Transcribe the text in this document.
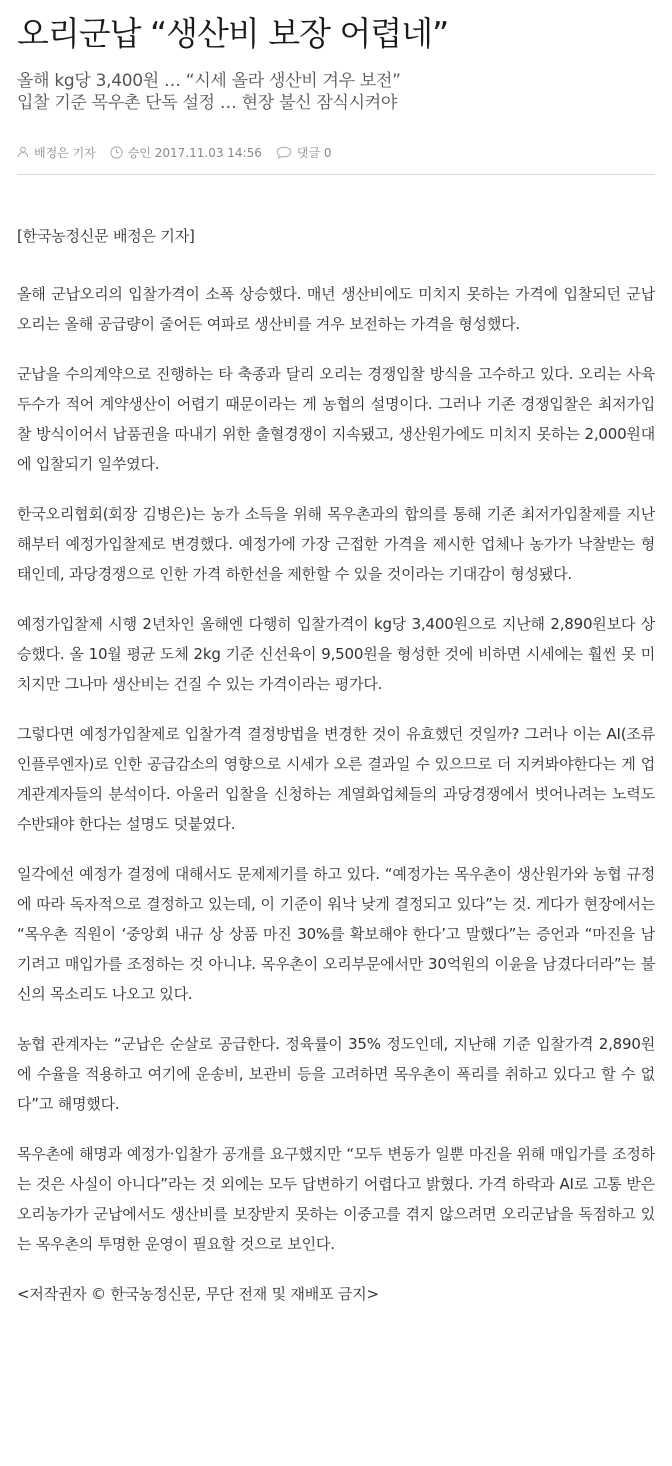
오리군납 “생산비 보장 어렵네”
올해 kg당 3,400원 … “시세 올라 생산비 겨우 보전”
입찰 기준 목우촌 단독 설정 … 현장 불신 잠식시켜야
배정은 기자	승인 2017.11.03 14:56	댓글 0
[한국농정신문 배정은 기자]

올해 군납오리의 입찰가격이 소폭 상승했다. 매년 생산비에도 미치지 못하는 가격에 입찰되던 군납오리는 올해 공급량이 줄어든 여파로 생산비를 겨우 보전하는 가격을 형성했다.

군납을 수의계약으로 진행하는 타 축종과 달리 오리는 경쟁입찰 방식을 고수하고 있다. 오리는 사육두수가 적어 계약생산이 어렵기 때문이라는 게 농협의 설명이다. 그러나 기존 경쟁입찰은 최저가입찰 방식이어서 납품권을 따내기 위한 출혈경쟁이 지속됐고, 생산원가에도 미치지 못하는 2,000원대에 입찰되기 일쑤였다.

한국오리협회(회장 김병은)는 농가 소득을 위해 목우촌과의 합의를 통해 기존 최저가입찰제를 지난해부터 예정가입찰제로 변경했다. 예정가에 가장 근접한 가격을 제시한 업체나 농가가 낙찰받는 형태인데, 과당경쟁으로 인한 가격 하한선을 제한할 수 있을 것이라는 기대감이 형성됐다.

예정가입찰제 시행 2년차인 올해엔 다행히 입찰가격이 kg당 3,400원으로 지난해 2,890원보다 상승했다. 올 10월 평균 도체 2kg 기준 신선육이 9,500원을 형성한 것에 비하면 시세에는 훨씬 못 미치지만 그나마 생산비는 건질 수 있는 가격이라는 평가다.

그렇다면 예정가입찰제로 입찰가격 결정방법을 변경한 것이 유효했던 것일까? 그러나 이는 AI(조류인플루엔자)로 인한 공급감소의 영향으로 시세가 오른 결과일 수 있으므로 더 지켜봐야한다는 게 업계관계자들의 분석이다. 아울러 입찰을 신청하는 계열화업체들의 과당경쟁에서 벗어나려는 노력도 수반돼야 한다는 설명도 덧붙였다.

일각에선 예정가 결정에 대해서도 문제제기를 하고 있다. “예정가는 목우촌이 생산원가와 농협 규정에 따라 독자적으로 결정하고 있는데, 이 기준이 워낙 낮게 결정되고 있다”는 것. 게다가 현장에서는 “목우촌 직원이 ‘중앙회 내규 상 상품 마진 30%를 확보해야 한다’고 말했다”는 증언과 “마진을 남기려고 매입가를 조정하는 것 아니냐. 목우촌이 오리부문에서만 30억원의 이윤을 남겼다더라”는 불신의 목소리도 나오고 있다.

농협 관계자는 “군납은 순살로 공급한다. 정육률이 35% 정도인데, 지난해 기준 입찰가격 2,890원에 수율을 적용하고 여기에 운송비, 보관비 등을 고려하면 목우촌이 폭리를 취하고 있다고 할 수 없다”고 해명했다.

목우촌에 해명과 예정가·입찰가 공개를 요구했지만 “모두 변동가 일뿐 마진을 위해 매입가를 조정하는 것은 사실이 아니다”라는 것 외에는 모두 답변하기 어렵다고 밝혔다. 가격 하락과 AI로 고통 받은 오리농가가 군납에서도 생산비를 보장받지 못하는 이중고를 겪지 않으려면 오리군납을 독점하고 있는 목우촌의 투명한 운영이 필요할 것으로 보인다.

<저작권자 © 한국농정신문, 무단 전재 및 재배포 금지>
